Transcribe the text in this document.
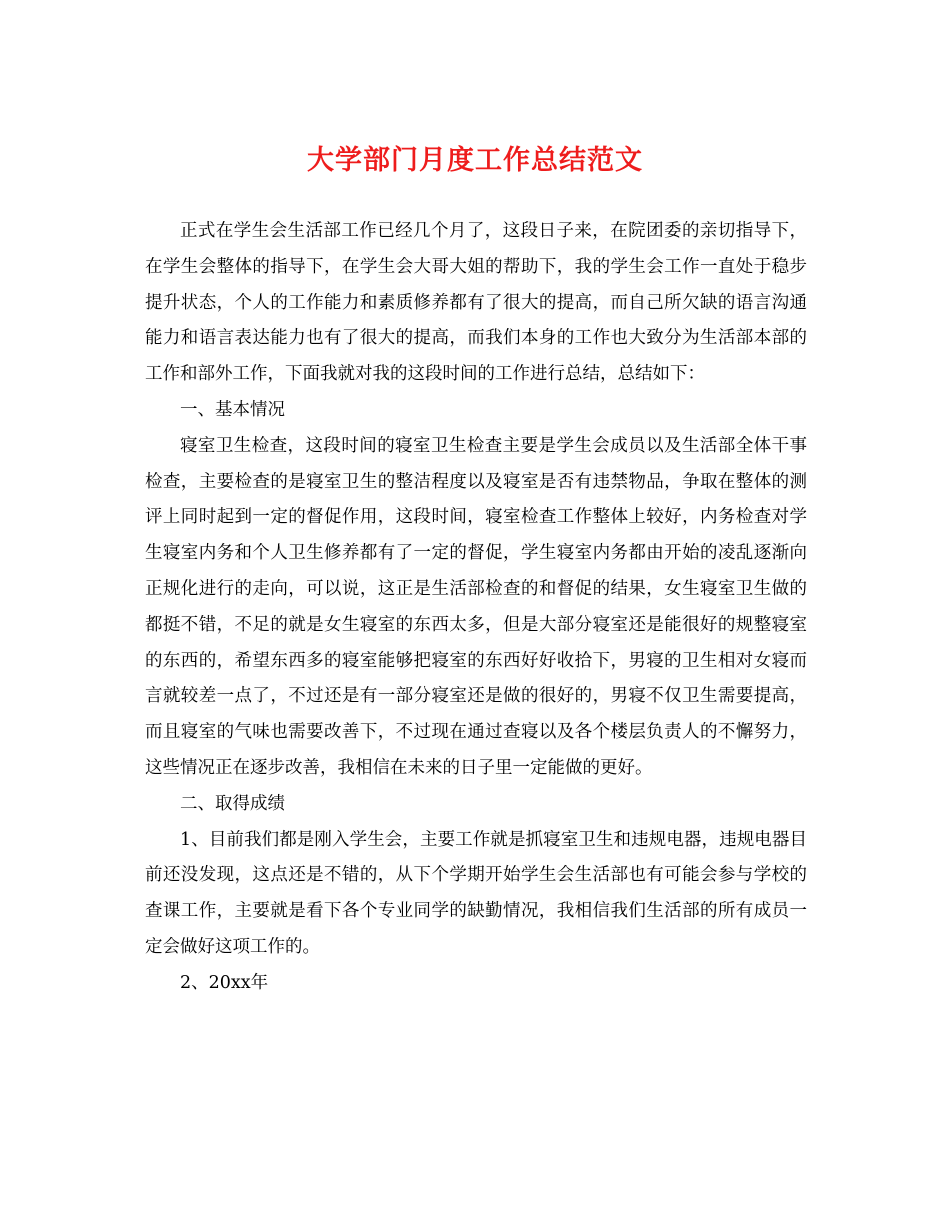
大学部门月度工作总结范文

正式在学生会生活部工作已经几个月了，这段日子来，在院团委的亲切指导下，在学生会整体的指导下，在学生会大哥大姐的帮助下，我的学生会工作一直处于稳步提升状态，个人的工作能力和素质修养都有了很大的提高，而自己所欠缺的语言沟通能力和语言表达能力也有了很大的提高，而我们本身的工作也大致分为生活部本部的工作和部外工作，下面我就对我的这段时间的工作进行总结，总结如下：

一、基本情况

寝室卫生检查，这段时间的寝室卫生检查主要是学生会成员以及生活部全体干事检查，主要检查的是寝室卫生的整洁程度以及寝室是否有违禁物品，争取在整体的测评上同时起到一定的督促作用，这段时间，寝室检查工作整体上较好，内务检查对学生寝室内务和个人卫生修养都有了一定的督促，学生寝室内务都由开始的凌乱逐渐向正规化进行的走向，可以说，这正是生活部检查的和督促的结果，女生寝室卫生做的都挺不错，不足的就是女生寝室的东西太多，但是大部分寝室还是能很好的规整寝室的东西的，希望东西多的寝室能够把寝室的东西好好收拾下，男寝的卫生相对女寝而言就较差一点了，不过还是有一部分寝室还是做的很好的，男寝不仅卫生需要提高，而且寝室的气味也需要改善下，不过现在通过查寝以及各个楼层负责人的不懈努力，这些情况正在逐步改善，我相信在未来的日子里一定能做的更好。

二、取得成绩

1、目前我们都是刚入学生会，主要工作就是抓寝室卫生和违规电器，违规电器目前还没发现，这点还是不错的，从下个学期开始学生会生活部也有可能会参与学校的查课工作，主要就是看下各个专业同学的缺勤情况，我相信我们生活部的所有成员一定会做好这项工作的。

2、20xx年
